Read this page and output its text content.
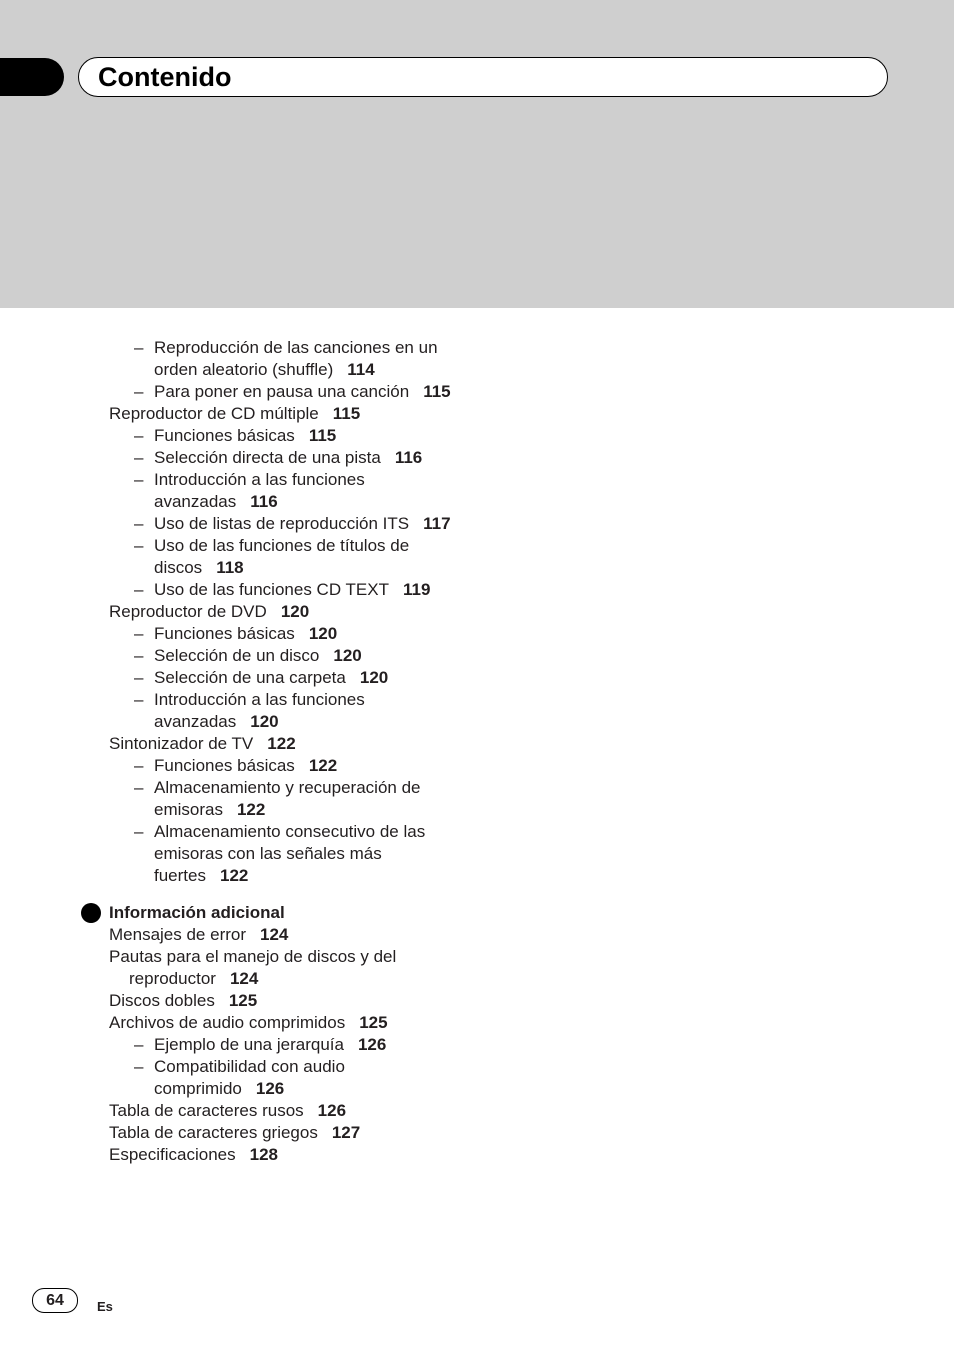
Contenido
– Reproducción de las canciones en un
orden aleatorio (shuffle) 114
– Para poner en pausa una canción 115
Reproductor de CD múltiple 115
– Funciones básicas 115
– Selección directa de una pista 116
– Introducción a las funciones
avanzadas 116
– Uso de listas de reproducción ITS 117
– Uso de las funciones de títulos de
discos 118
– Uso de las funciones CD TEXT 119
Reproductor de DVD 120
– Funciones básicas 120
– Selección de un disco 120
– Selección de una carpeta 120
– Introducción a las funciones
avanzadas 120
Sintonizador de TV 122
– Funciones básicas 122
– Almacenamiento y recuperación de
emisoras 122
– Almacenamiento consecutivo de las
emisoras con las señales más
fuertes 122
Información adicional
Mensajes de error 124
Pautas para el manejo de discos y del
reproductor 124
Discos dobles 125
Archivos de audio comprimidos 125
– Ejemplo de una jerarquía 126
– Compatibilidad con audio
comprimido 126
Tabla de caracteres rusos 126
Tabla de caracteres griegos 127
Especificaciones 128
64	Es
